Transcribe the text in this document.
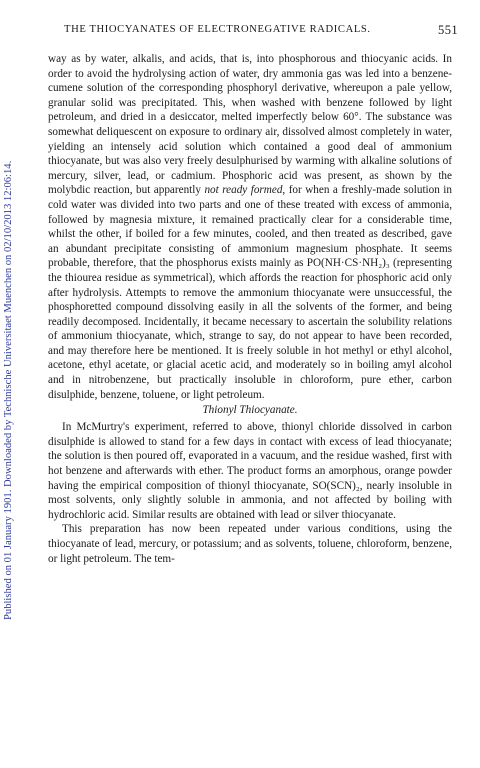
Published on 01 January 1901. Downloaded by Technische Universitaet Muenchen on 02/10/2013 12:06:14.
THE THIOCYANATES OF ELECTRONEGATIVE RADICALS.	551

way as by water, alkalis, and acids, that is, into phosphorous and thiocyanic acids. In order to avoid the hydrolysing action of water, dry ammonia gas was led into a benzene-cumene solution of the corresponding phosphoryl derivative, whereupon a pale yellow, granular solid was precipitated. This, when washed with benzene followed by light petroleum, and dried in a desiccator, melted imperfectly below 60°. The substance was somewhat deliquescent on exposure to ordinary air, dissolved almost completely in water, yielding an intensely acid solution which contained a good deal of ammonium thiocyanate, but was also very freely desulphurised by warming with alkaline solutions of mercury, silver, lead, or cadmium. Phosphoric acid was present, as shown by the molybdic reaction, but apparently not ready formed, for when a freshly-made solution in cold water was divided into two parts and one of these treated with excess of ammonia, followed by magnesia mixture, it remained practically clear for a considerable time, whilst the other, if boiled for a few minutes, cooled, and then treated as described, gave an abundant precipitate consisting of ammonium magnesium phosphate. It seems probable, therefore, that the phosphorus exists mainly as PO(NH·CS·NH₂)₃ (representing the thiourea residue as symmetrical), which affords the reaction for phosphoric acid only after hydrolysis. Attempts to remove the ammonium thiocyanate were unsuccessful, the phosphoretted compound dissolving easily in all the solvents of the former, and being readily decomposed. Incidentally, it became necessary to ascertain the solubility relations of ammonium thiocyanate, which, strange to say, do not appear to have been recorded, and may therefore here be mentioned. It is freely soluble in hot methyl or ethyl alcohol, acetone, ethyl acetate, or glacial acetic acid, and moderately so in boiling amyl alcohol and in nitrobenzene, but practically insoluble in chloroform, pure ether, carbon disulphide, benzene, toluene, or light petroleum.

Thionyl Thiocyanate.

In McMurtry's experiment, referred to above, thionyl chloride dissolved in carbon disulphide is allowed to stand for a few days in contact with excess of lead thiocyanate; the solution is then poured off, evaporated in a vacuum, and the residue washed, first with hot benzene and afterwards with ether. The product forms an amorphous, orange powder having the empirical composition of thionyl thiocyanate, SO(SCN)₂, nearly insoluble in most solvents, only slightly soluble in ammonia, and not affected by boiling with hydrochloric acid. Similar results are obtained with lead or silver thiocyanate.

This preparation has now been repeated under various conditions, using the thiocyanate of lead, mercury, or potassium; and as solvents, toluene, chloroform, benzene, or light petroleum. The tem-
